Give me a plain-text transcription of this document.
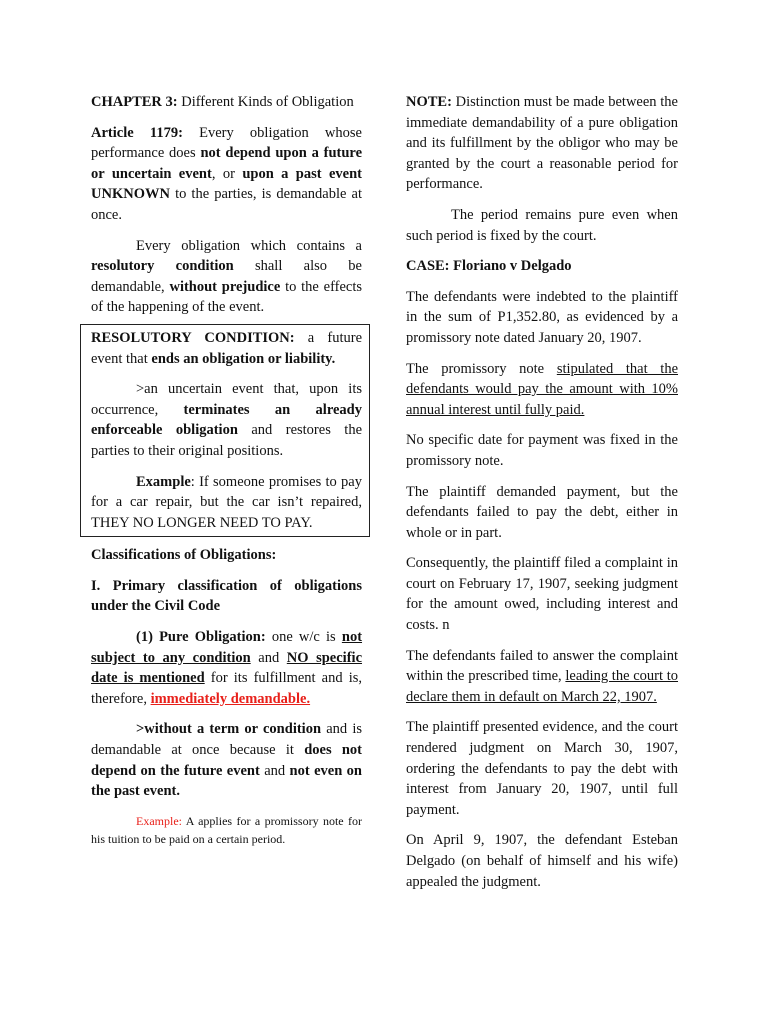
CHAPTER 3: Different Kinds of Obligation

Article 1179: Every obligation whose performance does not depend upon a future or uncertain event, or upon a past event UNKNOWN to the parties, is demandable at once.

Every obligation which contains a resolutory condition shall also be demandable, without prejudice to the effects of the happening of the event.

RESOLUTORY CONDITION: a future event that ends an obligation or liability.

>an uncertain event that, upon its occurrence, terminates an already enforceable obligation and restores the parties to their original positions.

Example: If someone promises to pay for a car repair, but the car isn’t repaired, THEY NO LONGER NEED TO PAY.

Classifications of Obligations:

I. Primary classification of obligations under the Civil Code

(1) Pure Obligation: one w/c is not subject to any condition and NO specific date is mentioned for its fulfillment and is, therefore, immediately demandable.

>without a term or condition and is demandable at once because it does not depend on the future event and not even on the past event.

Example: A applies for a promissory note for his tuition to be paid on a certain period.

NOTE: Distinction must be made between the immediate demandability of a pure obligation and its fulfillment by the obligor who may be granted by the court a reasonable period for performance.

The period remains pure even when such period is fixed by the court.

CASE: Floriano v Delgado

The defendants were indebted to the plaintiff in the sum of P1,352.80, as evidenced by a promissory note dated January 20, 1907.

The promissory note stipulated that the defendants would pay the amount with 10% annual interest until fully paid.

No specific date for payment was fixed in the promissory note.

The plaintiff demanded payment, but the defendants failed to pay the debt, either in whole or in part.

Consequently, the plaintiff filed a complaint in court on February 17, 1907, seeking judgment for the amount owed, including interest and costs. n

The defendants failed to answer the complaint within the prescribed time, leading the court to declare them in default on March 22, 1907.

The plaintiff presented evidence, and the court rendered judgment on March 30, 1907, ordering the defendants to pay the debt with interest from January 20, 1907, until full payment.

On April 9, 1907, the defendant Esteban Delgado (on behalf of himself and his wife) appealed the judgment.
